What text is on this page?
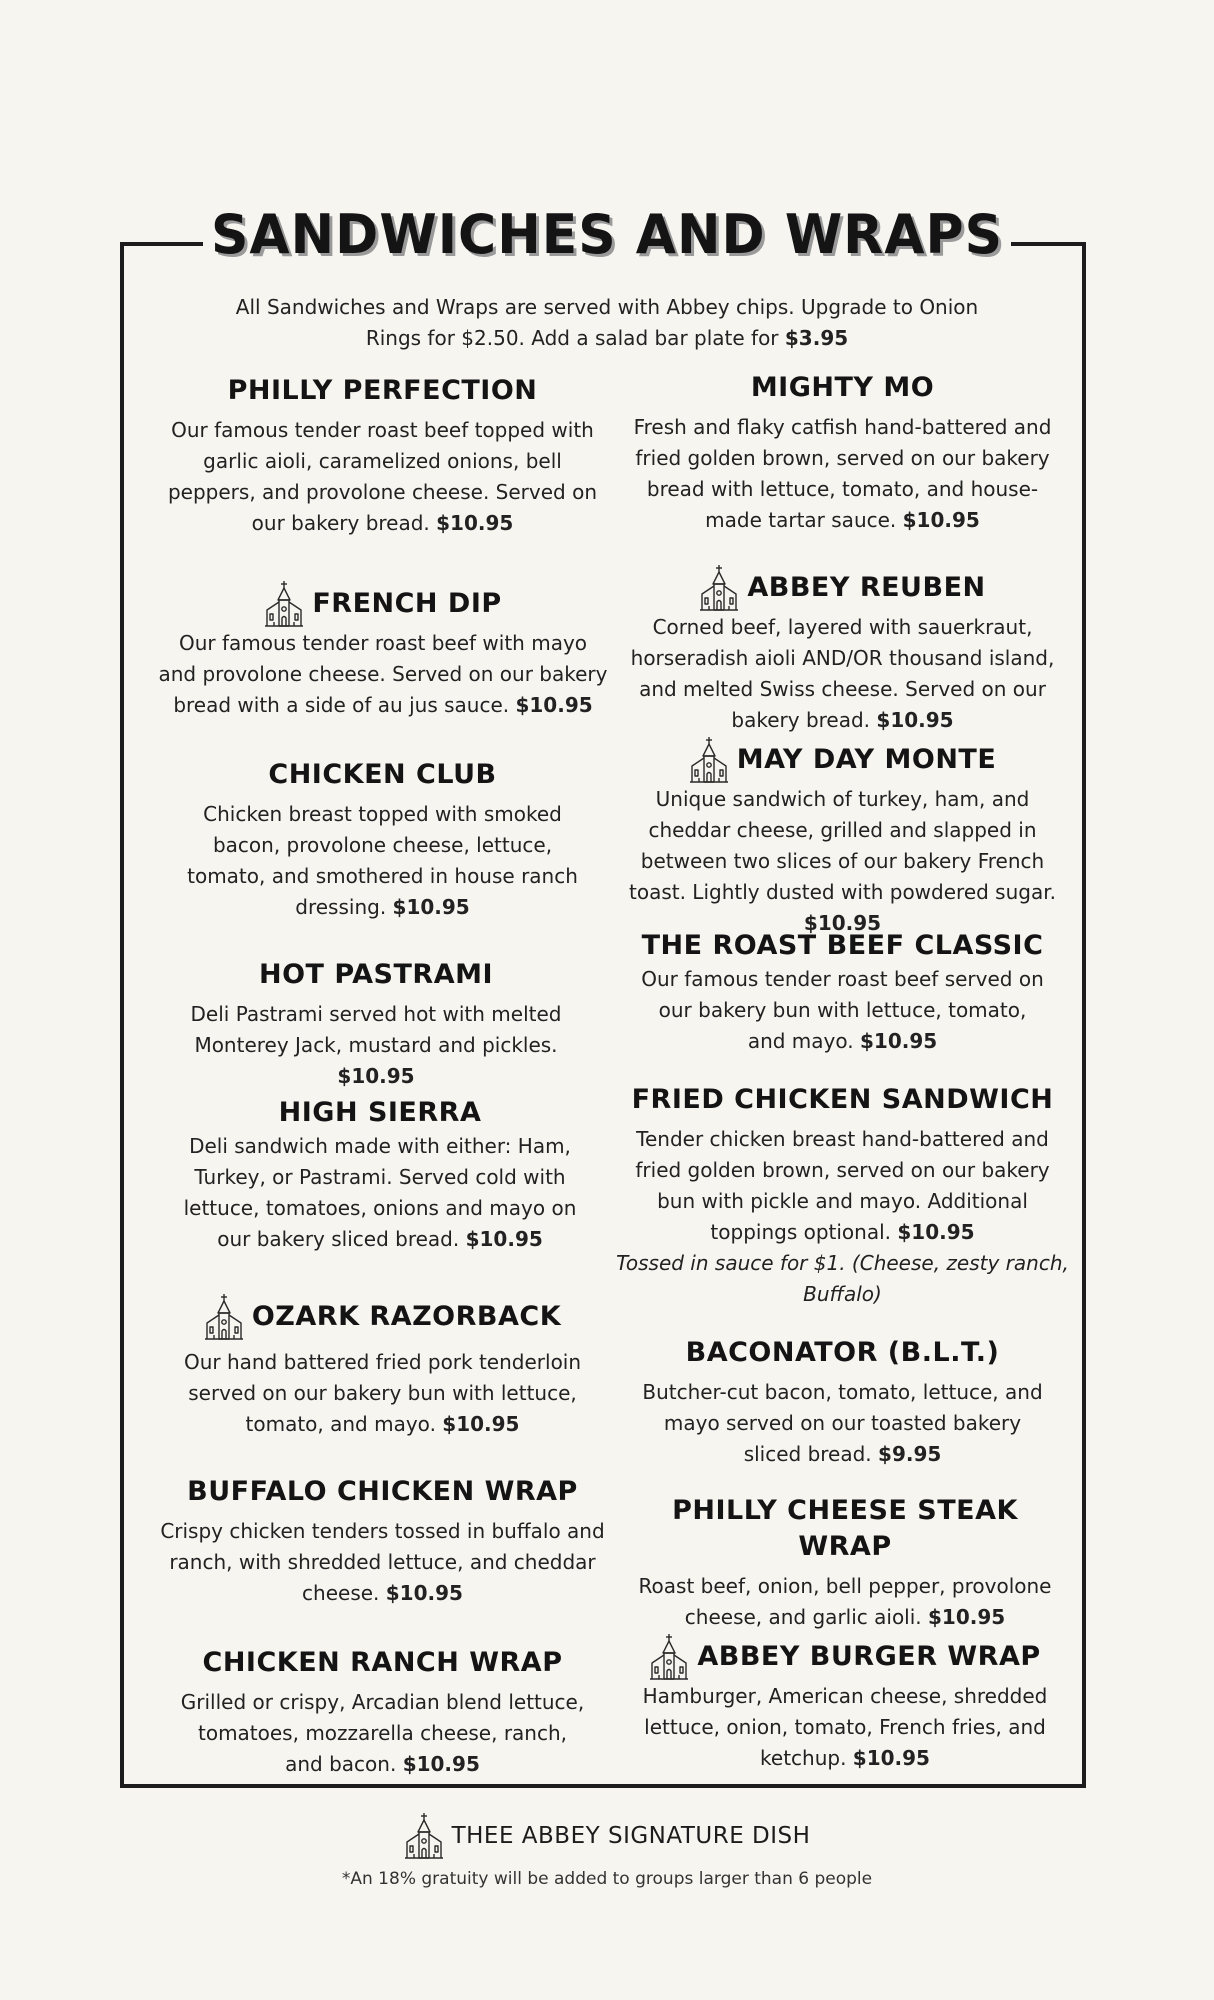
SANDWICHES AND WRAPS
All Sandwiches and Wraps are served with Abbey chips. Upgrade to Onion
Rings for $2.50. Add a salad bar plate for $3.95
PHILLY PERFECTION

Our famous tender roast beef topped with garlic aioli, caramelized onions, bell peppers, and provolone cheese. Served on our bakery bread. $10.95

FRENCH DIP

Our famous tender roast beef with mayo and provolone cheese. Served on our bakery bread with a side of au jus sauce. $10.95

CHICKEN CLUB

Chicken breast topped with smoked bacon, provolone cheese, lettuce, tomato, and smothered in house ranch dressing. $10.95

HOT PASTRAMI

Deli Pastrami served hot with melted Monterey Jack, mustard and pickles. $10.95

HIGH SIERRA

Deli sandwich made with either: Ham, Turkey, or Pastrami. Served cold with lettuce, tomatoes, onions and mayo on our bakery sliced bread. $10.95

OZARK RAZORBACK

Our hand battered fried pork tenderloin served on our bakery bun with lettuce, tomato, and mayo. $10.95

BUFFALO CHICKEN WRAP

Crispy chicken tenders tossed in buffalo and ranch, with shredded lettuce, and cheddar cheese. $10.95

CHICKEN RANCH WRAP

Grilled or crispy, Arcadian blend lettuce, tomatoes, mozzarella cheese, ranch, and bacon. $10.95

MIGHTY MO

Fresh and flaky catfish hand-battered and fried golden brown, served on our bakery bread with lettuce, tomato, and house-made tartar sauce. $10.95

ABBEY REUBEN

Corned beef, layered with sauerkraut, horseradish aioli AND/OR thousand island, and melted Swiss cheese. Served on our bakery bread. $10.95

MAY DAY MONTE

Unique sandwich of turkey, ham, and cheddar cheese, grilled and slapped in between two slices of our bakery French toast. Lightly dusted with powdered sugar. $10.95

THE ROAST BEEF CLASSIC

Our famous tender roast beef served on our bakery bun with lettuce, tomato, and mayo. $10.95

FRIED CHICKEN SANDWICH

Tender chicken breast hand-battered and fried golden brown, served on our bakery bun with pickle and mayo. Additional toppings optional. $10.95

Tossed in sauce for $1. (Cheese, zesty ranch, Buffalo)

BACONATOR (B.L.T.)

Butcher-cut bacon, tomato, lettuce, and mayo served on our toasted bakery sliced bread. $9.95

PHILLY CHEESE STEAK WRAP

Roast beef, onion, bell pepper, provolone cheese, and garlic aioli. $10.95

ABBEY BURGER WRAP

Hamburger, American cheese, shredded lettuce, onion, tomato, French fries, and ketchup. $10.95

THEE ABBEY SIGNATURE DISH
*An 18% gratuity will be added to groups larger than 6 people
